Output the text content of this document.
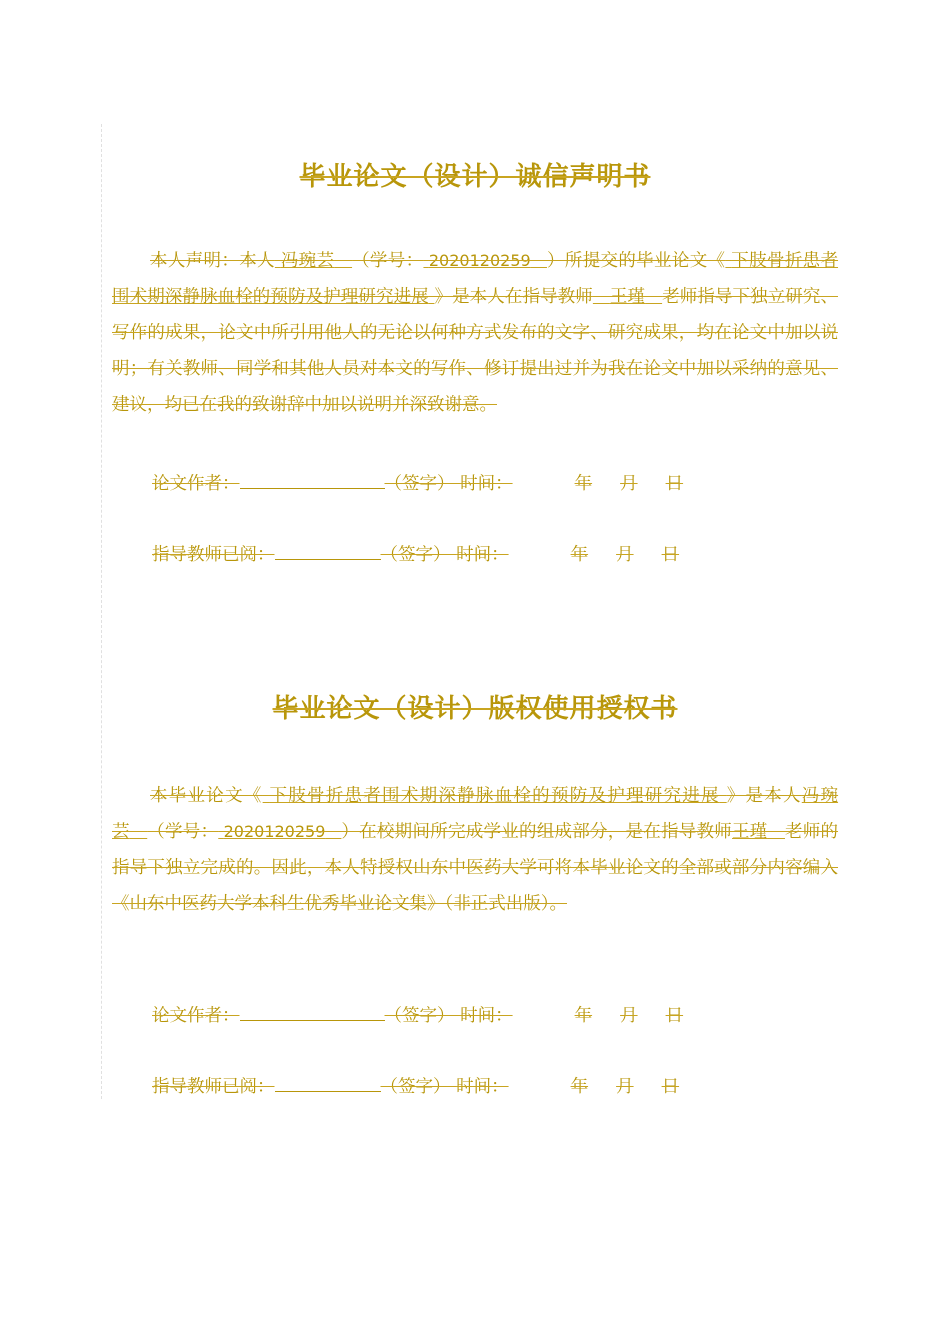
毕业论文（设计）诚信声明书
本人声明：本人 冯琬芸 （学号： 2020120259 ）所提交的毕业论文《 下肢骨折患者围术期深静脉血栓的预防及护理研究进展 》是本人在指导教师 王瑾 老师指导下独立研究、写作的成果，论文中所引用他人的无论以何种方式发布的文字、研究成果，均在论文中加以说明；有关教师、同学和其他人员对本文的写作、修订提出过并为我在论文中加以采纳的意见、建议，均已在我的致谢辞中加以说明并深致谢意。
论文作者：	（签字） 时间：	年 月 日
指导教师已阅：	（签字） 时间：	年 月 日
毕业论文（设计）版权使用授权书
本毕业论文《 下肢骨折患者围术期深静脉血栓的预防及护理研究进展 》是本人冯琬芸 （学号： 2020120259 ）在校期间所完成学业的组成部分，是在指导教师王瑾 老师的指导下独立完成的。因此，本人特授权山东中医药大学可将本毕业论文的全部或部分内容编入《山东中医药大学本科生优秀毕业论文集》（非正式出版）。
论文作者：	（签字） 时间：	年 月 日
指导教师已阅：	（签字） 时间：	年 月 日
